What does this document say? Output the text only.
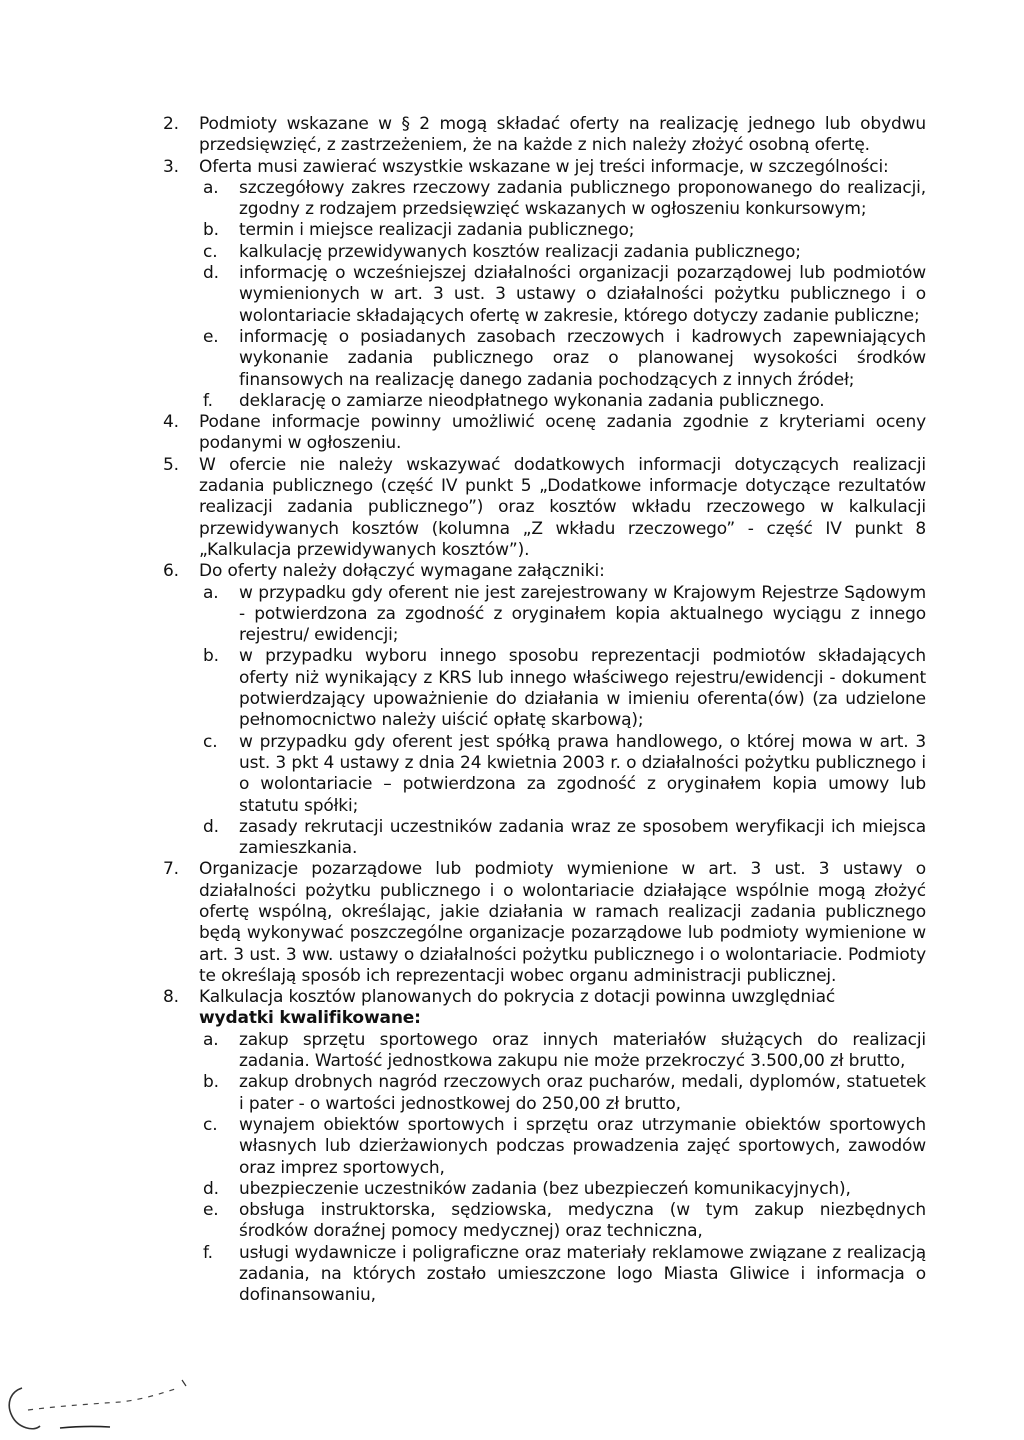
2.	Podmioty wskazane w § 2 mogą składać oferty na realizację jednego lub obydwu przedsięwzięć, z zastrzeżeniem, że na każde z nich należy złożyć osobną ofertę.
3.	Oferta musi zawierać wszystkie wskazane w jej treści informacje, w szczególności:
a.	szczegółowy zakres rzeczowy zadania publicznego proponowanego do realizacji, zgodny z rodzajem przedsięwzięć wskazanych w ogłoszeniu konkursowym;
b.	termin i miejsce realizacji zadania publicznego;
c.	kalkulację przewidywanych kosztów realizacji zadania publicznego;
d.	informację o wcześniejszej działalności organizacji pozarządowej lub podmiotów wymienionych w art. 3 ust. 3 ustawy o działalności pożytku publicznego i o wolontariacie składających ofertę w zakresie, którego dotyczy zadanie publiczne;
e.	informację o posiadanych zasobach rzeczowych i kadrowych zapewniających wykonanie zadania publicznego oraz o planowanej wysokości środków finansowych na realizację danego zadania pochodzących z innych źródeł;
f.	deklarację o zamiarze nieodpłatnego wykonania zadania publicznego.
4.	Podane informacje powinny umożliwić ocenę zadania zgodnie z kryteriami oceny podanymi w ogłoszeniu.
5.	W ofercie nie należy wskazywać dodatkowych informacji dotyczących realizacji zadania publicznego (część IV punkt 5 „Dodatkowe informacje dotyczące rezultatów realizacji zadania publicznego”) oraz kosztów wkładu rzeczowego w kalkulacji przewidywanych kosztów (kolumna „Z wkładu rzeczowego” - część IV punkt 8 „Kalkulacja przewidywanych kosztów”).
6.	Do oferty należy dołączyć wymagane załączniki:
a.	w przypadku gdy oferent nie jest zarejestrowany w Krajowym Rejestrze Sądowym - potwierdzona za zgodność z oryginałem kopia aktualnego wyciągu z innego rejestru/ ewidencji;
b.	w przypadku wyboru innego sposobu reprezentacji podmiotów składających oferty niż wynikający z KRS lub innego właściwego rejestru/ewidencji - dokument potwierdzający upoważnienie do działania w imieniu oferenta(ów) (za udzielone pełnomocnictwo należy uiścić opłatę skarbową);
c.	w przypadku gdy oferent jest spółką prawa handlowego, o której mowa w art. 3 ust. 3 pkt 4 ustawy z dnia 24 kwietnia 2003 r. o działalności pożytku publicznego i o wolontariacie – potwierdzona za zgodność z oryginałem kopia umowy lub statutu spółki;
d.	zasady rekrutacji uczestników zadania wraz ze sposobem weryfikacji ich miejsca zamieszkania.
7.	Organizacje pozarządowe lub podmioty wymienione w art. 3 ust. 3 ustawy o działalności pożytku publicznego i o wolontariacie działające wspólnie mogą złożyć ofertę wspólną, określając, jakie działania w ramach realizacji zadania publicznego będą wykonywać poszczególne organizacje pozarządowe lub podmioty wymienione w art. 3 ust. 3 ww. ustawy o działalności pożytku publicznego i o wolontariacie. Podmioty te określają sposób ich reprezentacji wobec organu administracji publicznej.
8.	Kalkulacja kosztów planowanych do pokrycia z dotacji powinna uwzględniać
wydatki kwalifikowane:
a.	zakup sprzętu sportowego oraz innych materiałów służących do realizacji zadania. Wartość jednostkowa zakupu nie może przekroczyć 3.500,00 zł brutto,
b.	zakup drobnych nagród rzeczowych oraz pucharów, medali, dyplomów, statuetek i pater - o wartości jednostkowej do 250,00 zł brutto,
c.	wynajem obiektów sportowych i sprzętu oraz utrzymanie obiektów sportowych własnych lub dzierżawionych podczas prowadzenia zajęć sportowych, zawodów oraz imprez sportowych,
d.	ubezpieczenie uczestników zadania (bez ubezpieczeń komunikacyjnych),
e.	obsługa instruktorska, sędziowska, medyczna (w tym zakup niezbędnych środków doraźnej pomocy medycznej) oraz techniczna,
f.	usługi wydawnicze i poligraficzne oraz materiały reklamowe związane z realizacją zadania, na których zostało umieszczone logo Miasta Gliwice i informacja o dofinansowaniu,
